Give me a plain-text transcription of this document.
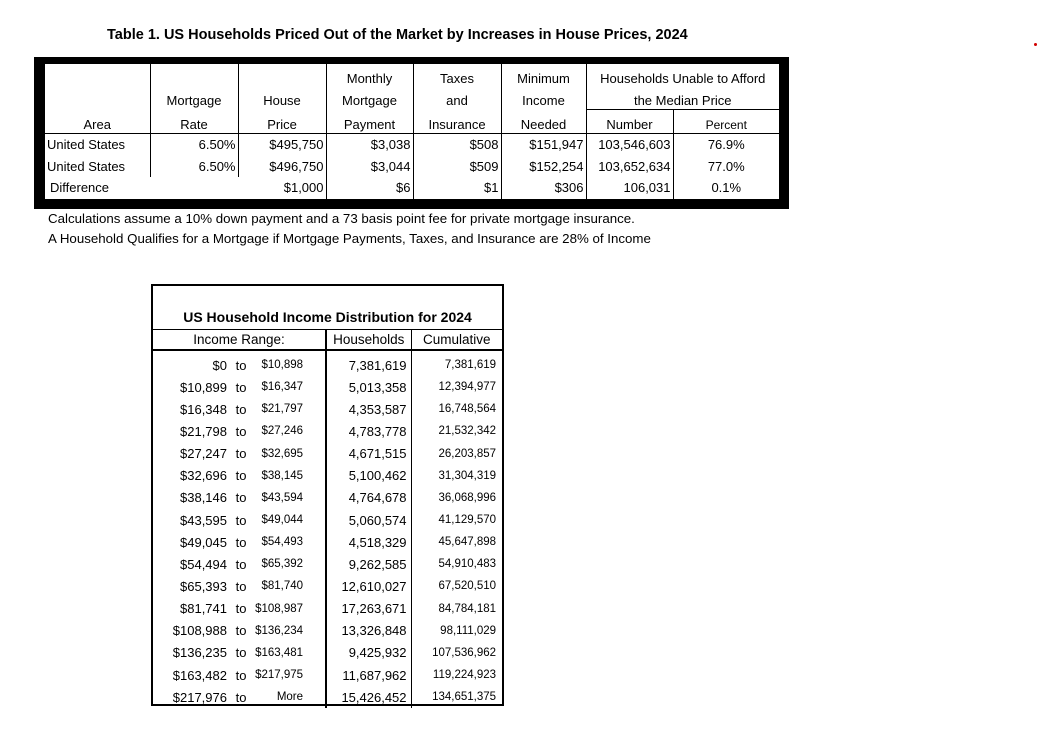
Table 1. US Households Priced Out of the Market by Increases in House Prices, 2024
Area			Monthly	Taxes	Minimum	Households Unable to Afford	
	Mortgage	House	Mortgage	and	Income	the Median Price	
	Rate	Price	Payment	Insurance	Needed	Number	Percent

United States	6.50%	$495,750	$3,038	$508	$151,947	103,546,603	76.9%
United States	6.50%	$496,750	$3,044	$509	$152,254	103,652,634	77.0%
Difference		$1,000	$6	$1	$306	106,031	0.1%
Calculations assume a 10% down payment and a 73 basis point fee for private mortgage insurance.
A Household Qualifies for a Mortgage if Mortgage Payments, Taxes, and Insurance are 28% of Income
US Household Income Distribution for 2024
Income Range:			Households	Cumulative
$0	to	$10,898	7,381,619	7,381,619
$10,899	to	$16,347	5,013,358	12,394,977
$16,348	to	$21,797	4,353,587	16,748,564
$21,798	to	$27,246	4,783,778	21,532,342
$27,247	to	$32,695	4,671,515	26,203,857
$32,696	to	$38,145	5,100,462	31,304,319
$38,146	to	$43,594	4,764,678	36,068,996
$43,595	to	$49,044	5,060,574	41,129,570
$49,045	to	$54,493	4,518,329	45,647,898
$54,494	to	$65,392	9,262,585	54,910,483
$65,393	to	$81,740	12,610,027	67,520,510
$81,741	to	$108,987	17,263,671	84,784,181
$108,988	to	$136,234	13,326,848	98,111,029
$136,235	to	$163,481	9,425,932	107,536,962
$163,482	to	$217,975	11,687,962	119,224,923
$217,976	to	More	15,426,452	134,651,375
